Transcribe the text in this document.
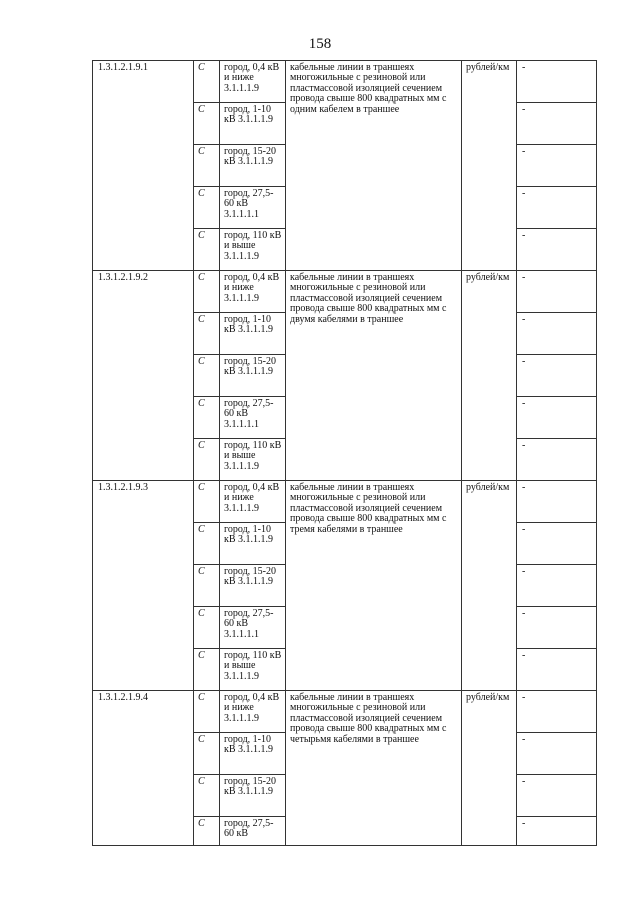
158
1.3.1.2.1.9.1	С	город, 0,4 кВ и ниже 3.1.1.1.9	кабельные линии в траншеях многожильные с резиновой или пластмассовой изоляцией сечением провода свыше 800 квадратных мм с одним кабелем в траншее	рублей/км	-
	С	город, 1-10 кВ 3.1.1.1.9			-
	С	город, 15-20 кВ 3.1.1.1.9			-
	С	город, 27,5-60 кВ 3.1.1.1.1			-
	С	город, 110 кВ и выше 3.1.1.1.9			-
1.3.1.2.1.9.2	С	город, 0,4 кВ и ниже 3.1.1.1.9	кабельные линии в траншеях многожильные с резиновой или пластмассовой изоляцией сечением провода свыше 800 квадратных мм с двумя кабелями в траншее	рублей/км	-
	С	город, 1-10 кВ 3.1.1.1.9			-
	С	город, 15-20 кВ 3.1.1.1.9			-
	С	город, 27,5-60 кВ 3.1.1.1.1			-
	С	город, 110 кВ и выше 3.1.1.1.9			-
1.3.1.2.1.9.3	С	город, 0,4 кВ и ниже 3.1.1.1.9	кабельные линии в траншеях многожильные с резиновой или пластмассовой изоляцией сечением провода свыше 800 квадратных мм с тремя кабелями в траншее	рублей/км	-
	С	город, 1-10 кВ 3.1.1.1.9			-
	С	город, 15-20 кВ 3.1.1.1.9			-
	С	город, 27,5-60 кВ 3.1.1.1.1			-
	С	город, 110 кВ и выше 3.1.1.1.9			-
1.3.1.2.1.9.4	С	город, 0,4 кВ и ниже 3.1.1.1.9	кабельные линии в траншеях многожильные с резиновой или пластмассовой изоляцией сечением провода свыше 800 квадратных мм с четырьмя кабелями в траншее	рублей/км	-
	С	город, 1-10 кВ 3.1.1.1.9			-
	С	город, 15-20 кВ 3.1.1.1.9			-
	С	город, 27,5-60 кВ			-
